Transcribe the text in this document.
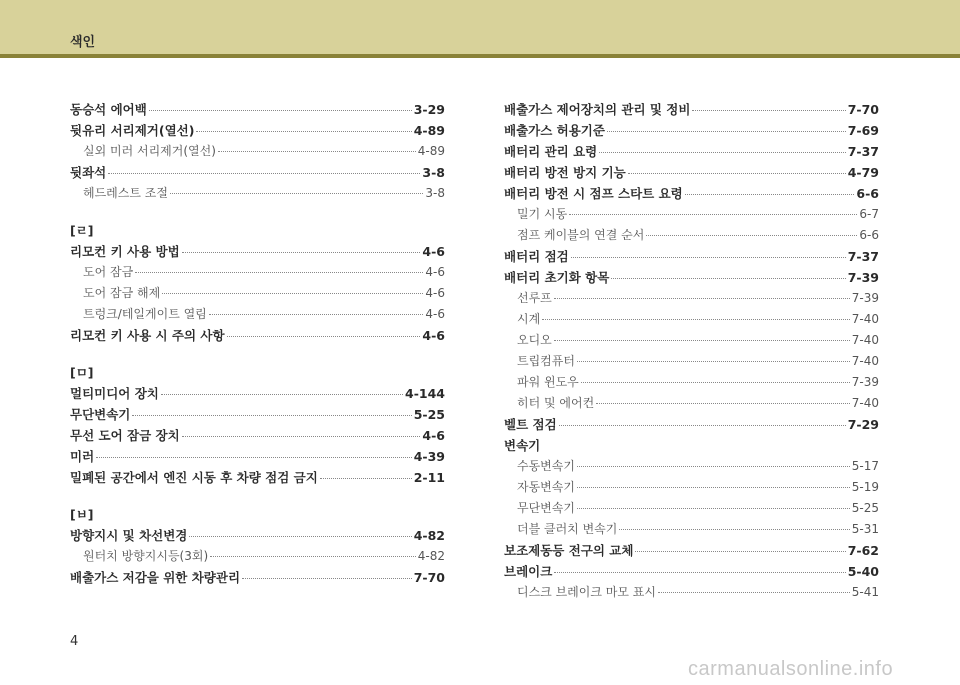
색인
동승석 에어백	3-29
뒷유리 서리제거(열선)	4-89
실외 미러 서리제거(열선)	4-89
뒷좌석	3-8
헤드레스트 조절	3-8
[ㄹ]
리모컨 키 사용 방법	4-6
도어 잠금	4-6
도어 잠금 해제	4-6
트렁크/테일게이트 열림	4-6
리모컨 키 사용 시 주의 사항	4-6
[ㅁ]
멀티미디어 장치	4-144
무단변속기	5-25
무선 도어 잠금 장치	4-6
미러	4-39
밀폐된 공간에서 엔진 시동 후 차량 점검 금지	2-11
[ㅂ]
방향지시 및 차선변경	4-82
원터치 방향지시등(3회)	4-82
배출가스 저감을 위한 차량관리	7-70
배출가스 제어장치의 관리 및 정비	7-70
배출가스 허용기준	7-69
배터리 관리 요령	7-37
배터리 방전 방지 기능	4-79
배터리 방전 시 점프 스타트 요령	6-6
밀기 시동	6-7
점프 케이블의 연결 순서	6-6
배터리 점검	7-37
배터리 초기화 항목	7-39
선루프	7-39
시계	7-40
오디오	7-40
트립컴퓨터	7-40
파워 윈도우	7-39
히터 및 에어컨	7-40
벨트 점검	7-29
변속기
수동변속기	5-17
자동변속기	5-19
무단변속기	5-25
더블 클러치 변속기	5-31
보조제동등 전구의 교체	7-62
브레이크	5-40
디스크 브레이크 마모 표시	5-41
4
carmanualsonline.info
